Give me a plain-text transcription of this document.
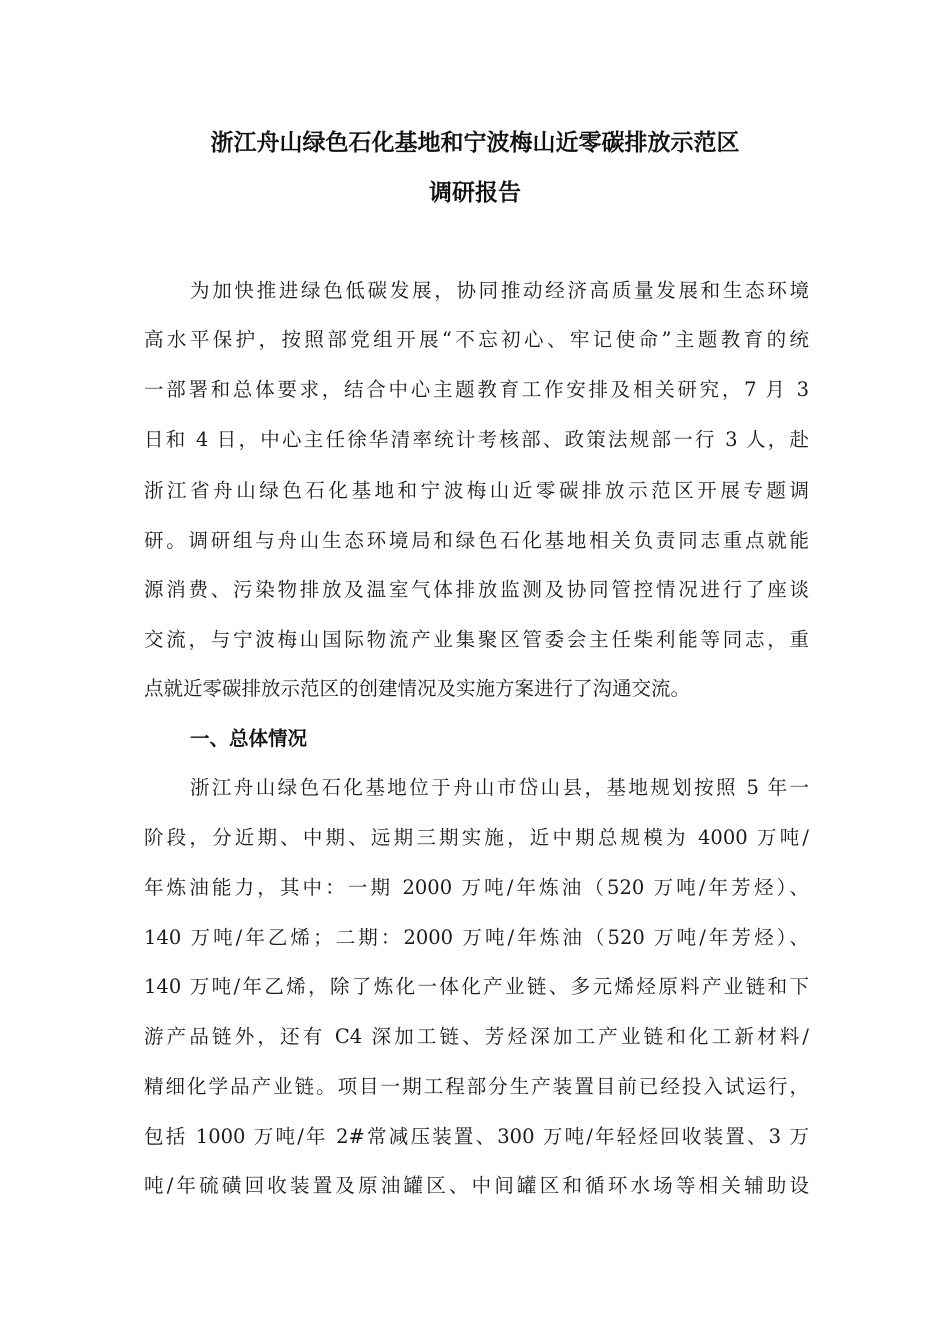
浙江舟山绿色石化基地和宁波梅山近零碳排放示范区
调研报告
为加快推进绿色低碳发展，协同推动经济高质量发展和生态环境
高水平保护，按照部党组开展“不忘初心、牢记使命”主题教育的统
一部署和总体要求，结合中心主题教育工作安排及相关研究，7 月 3
日和 4 日，中心主任徐华清率统计考核部、政策法规部一行 3 人，赴
浙江省舟山绿色石化基地和宁波梅山近零碳排放示范区开展专题调
研。调研组与舟山生态环境局和绿色石化基地相关负责同志重点就能
源消费、污染物排放及温室气体排放监测及协同管控情况进行了座谈
交流，与宁波梅山国际物流产业集聚区管委会主任柴利能等同志，重
点就近零碳排放示范区的创建情况及实施方案进行了沟通交流。
一、总体情况
浙江舟山绿色石化基地位于舟山市岱山县，基地规划按照 5 年一
阶段，分近期、中期、远期三期实施，近中期总规模为 4000 万吨/
年炼油能力，其中：一期 2000 万吨/年炼油（520 万吨/年芳烃）、
140 万吨/年乙烯；二期：2000 万吨/年炼油（520 万吨/年芳烃）、
140 万吨/年乙烯，除了炼化一体化产业链、多元烯烃原料产业链和下
游产品链外，还有 C4 深加工链、芳烃深加工产业链和化工新材料/
精细化学品产业链。项目一期工程部分生产装置目前已经投入试运行，
包括 1000 万吨/年 2#常减压装置、300 万吨/年轻烃回收装置、3 万
吨/年硫磺回收装置及原油罐区、中间罐区和循环水场等相关辅助设
